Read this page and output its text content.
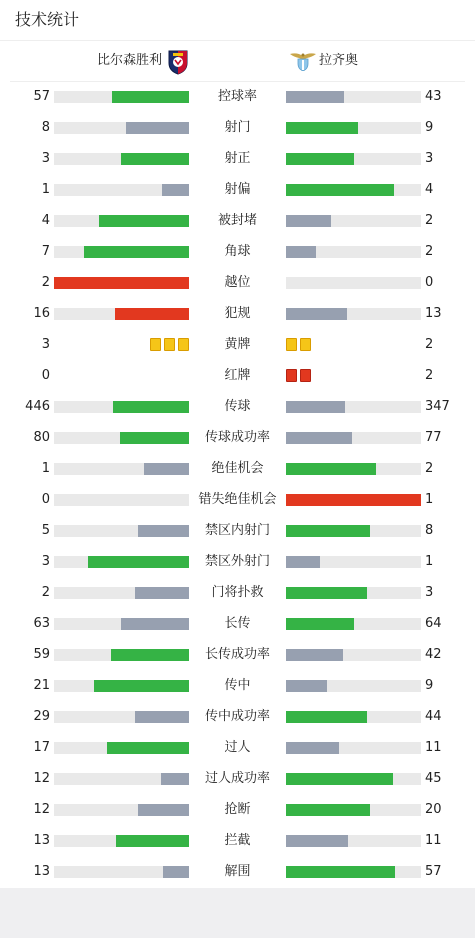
技术统计
比尔森胜利	拉齐奥
57	控球率	43
8	射门	9
3	射正	3
1	射偏	4
4	被封堵	2
7	角球	2
2	越位	0
16	犯规	13
3	黄牌	2
0	红牌	2
446	传球	347
80	传球成功率	77
1	绝佳机会	2
0	错失绝佳机会	1
5	禁区内射门	8
3	禁区外射门	1
2	门将扑救	3
63	长传	64
59	长传成功率	42
21	传中	9
29	传中成功率	44
17	过人	11
12	过人成功率	45
12	抢断	20
13	拦截	11
13	解围	57
